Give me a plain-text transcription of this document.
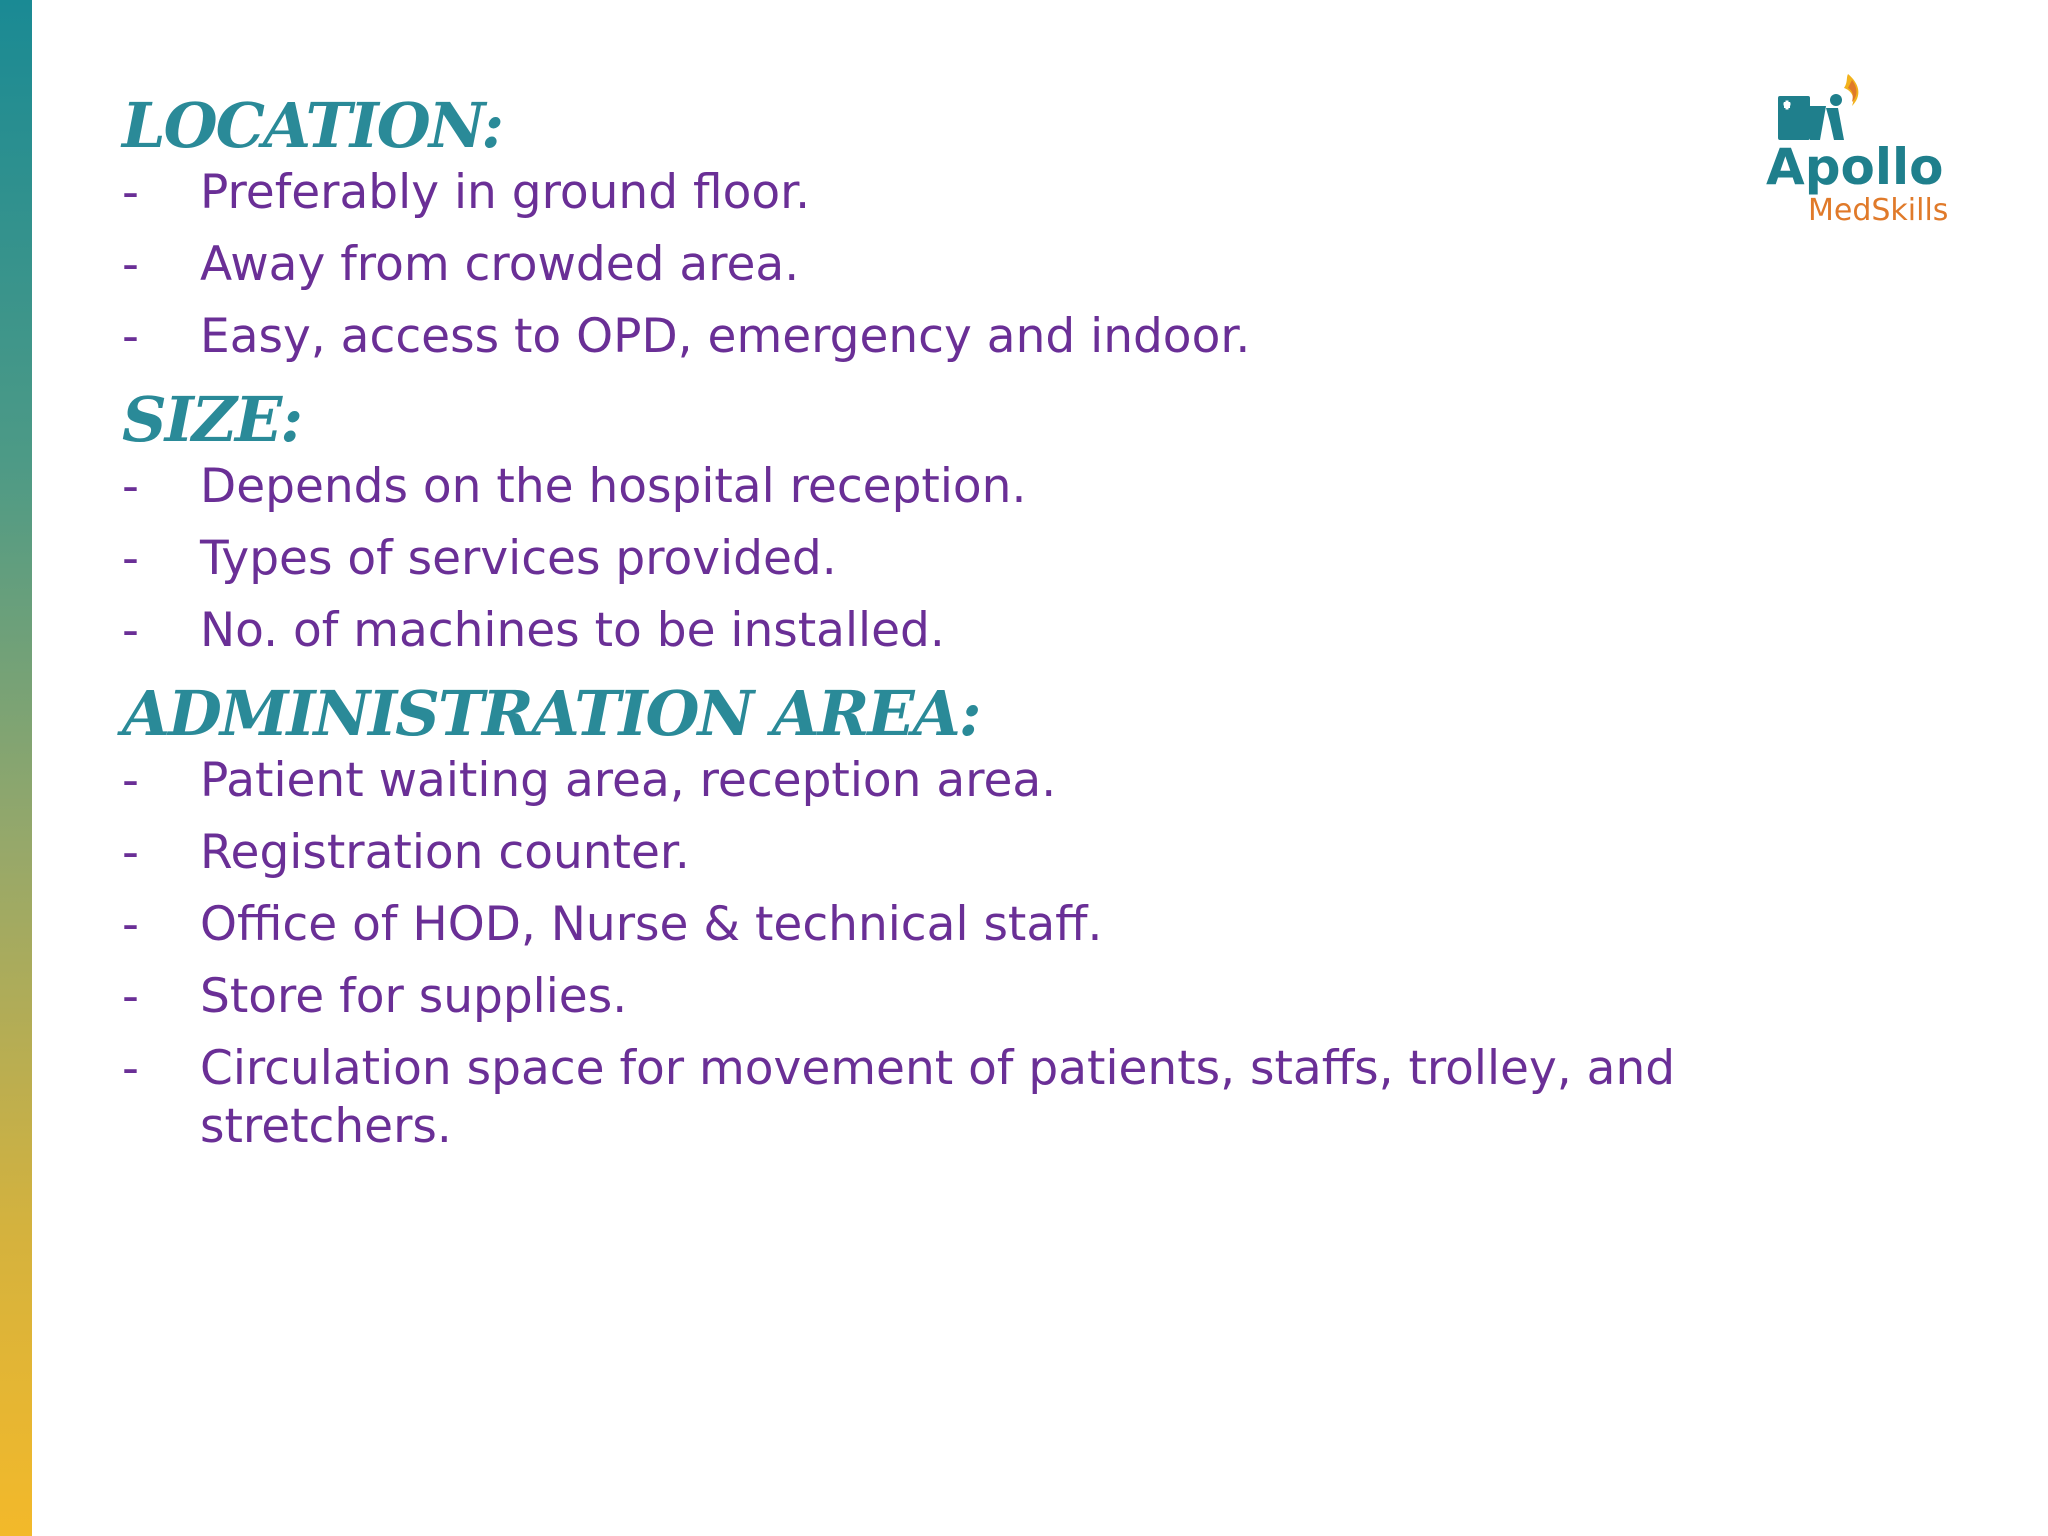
Apollo
MedSkills
LOCATION:
- Preferably in ground floor.
- Away from crowded area.
- Easy, access to OPD, emergency and indoor.
SIZE:
- Depends on the hospital reception.
- Types of services provided.
- No. of machines to be installed.
ADMINISTRATION AREA:
- Patient waiting area, reception area.
- Registration counter.
- Office of HOD, Nurse & technical staff.
- Store for supplies.
- Circulation space for movement of patients, staffs, trolley, and stretchers.
